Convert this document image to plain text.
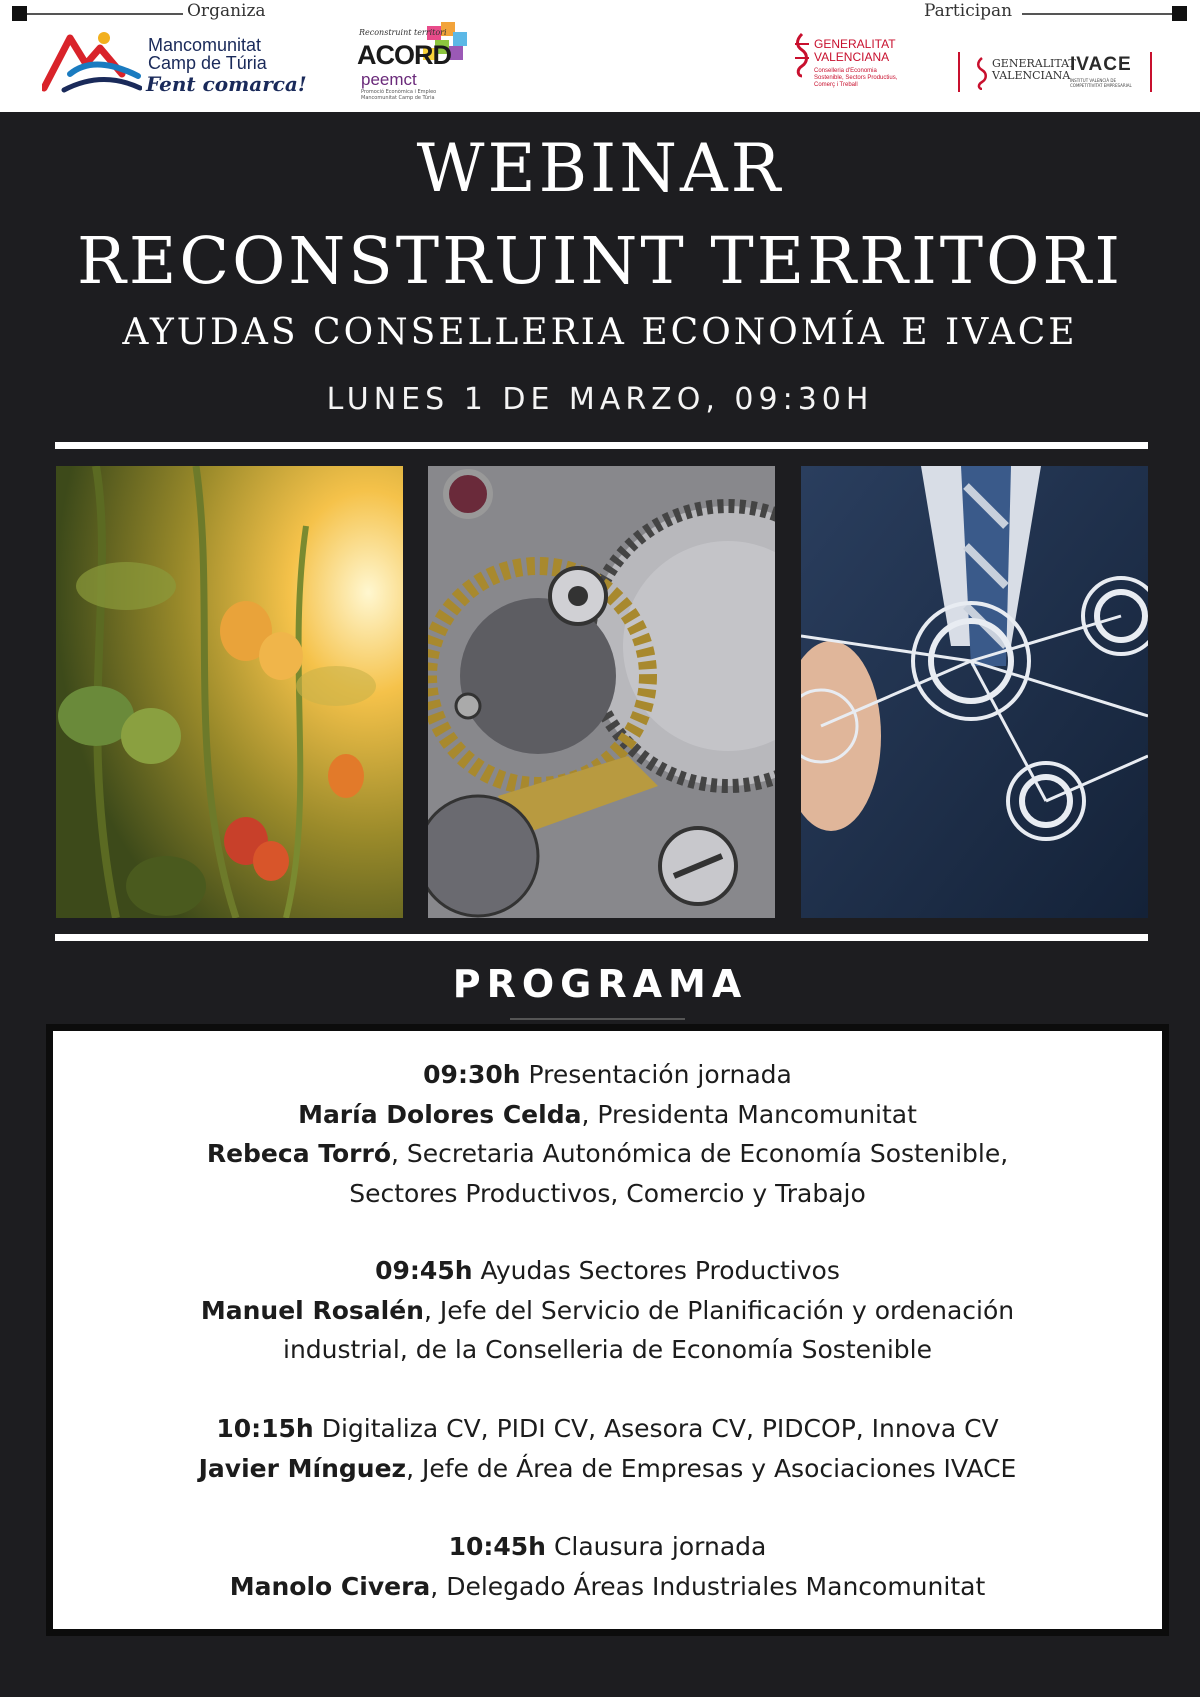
Organiza	Participan
Mancomunitat
Camp de Túria
Fent comarca!
Reconstruint territori
ACORD
peemct
Promoció Econòmica i Empleo
Mancomunitat Camp de Túria
GENERALITAT
VALENCIANA
Conselleria d'Economia
Sostenible, Sectors Productius,
Comerç i Treball
GENERALITAT
VALENCIANA
IVACE
INSTITUT VALENCIÀ DE
COMPETITIVITAT EMPRESARIAL
WEBINAR
RECONSTRUINT TERRITORI
AYUDAS CONSELLERIA ECONOMÍA E IVACE
LUNES 1 DE MARZO, 09:30H
PROGRAMA
09:30h Presentación jornada
María Dolores Celda, Presidenta Mancomunitat
Rebeca Torró, Secretaria Autonómica de Economía Sostenible,
Sectores Productivos, Comercio y Trabajo
09:45h Ayudas Sectores Productivos
Manuel Rosalén, Jefe del Servicio de Planificación y ordenación
industrial, de la Conselleria de Economía Sostenible
10:15h Digitaliza CV, PIDI CV, Asesora CV, PIDCOP, Innova CV
Javier Mínguez, Jefe de Área de Empresas y Asociaciones IVACE
10:45h Clausura jornada
Manolo Civera, Delegado Áreas Industriales Mancomunitat
